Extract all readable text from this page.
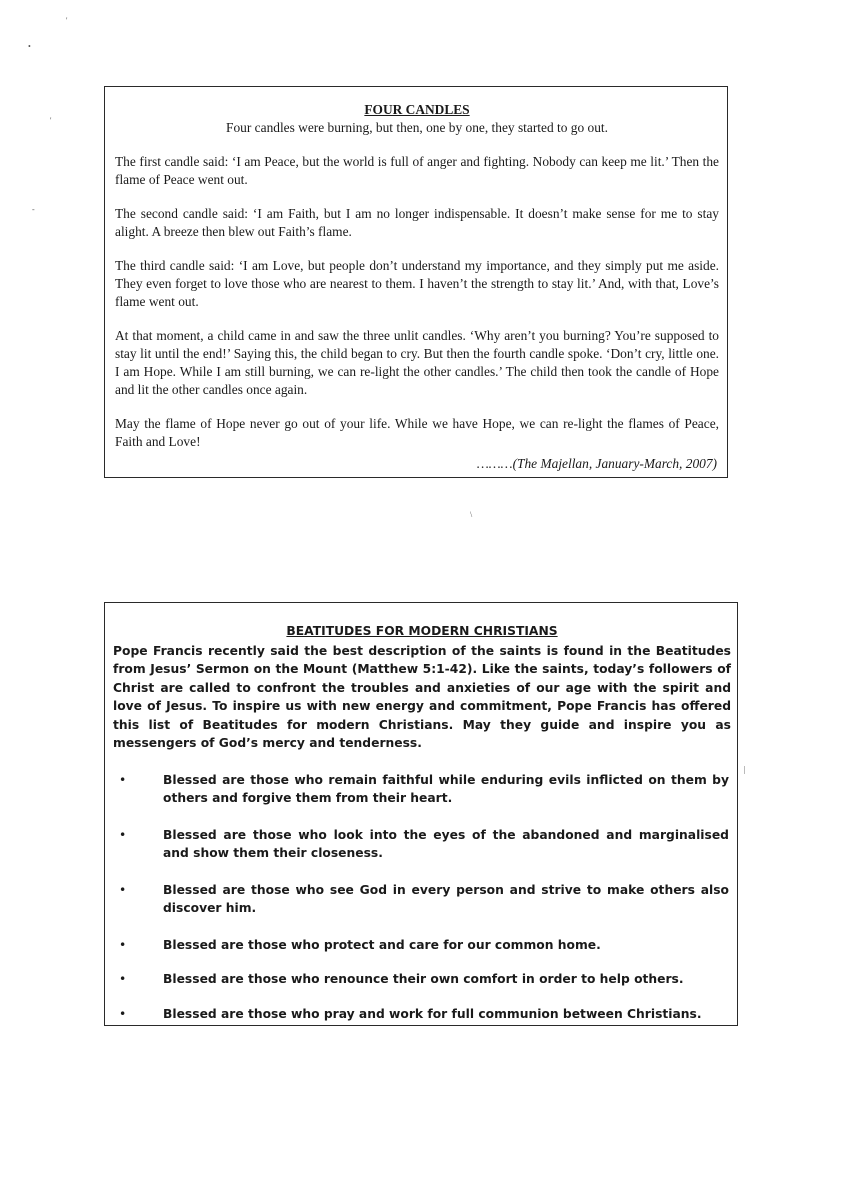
'
•
'
-
\
|
FOUR CANDLES
Four candles were burning, but then, one by one, they started to go out.

The first candle said: ‘I am Peace, but the world is full of anger and fighting. Nobody can keep me lit.’ Then the flame of Peace went out.

The second candle said: ‘I am Faith, but I am no longer indispensable. It doesn’t make sense for me to stay alight. A breeze then blew out Faith’s flame.

The third candle said: ‘I am Love, but people don’t understand my importance, and they simply put me aside. They even forget to love those who are nearest to them. I haven’t the strength to stay lit.’ And, with that, Love’s flame went out.

At that moment, a child came in and saw the three unlit candles. ‘Why aren’t you burning? You’re supposed to stay lit until the end!’ Saying this, the child began to cry. But then the fourth candle spoke. ‘Don’t cry, little one. I am Hope. While I am still burning, we can re-light the other candles.’ The child then took the candle of Hope and lit the other candles once again.

May the flame of Hope never go out of your life. While we have Hope, we can re-light the flames of Peace, Faith and Love!

………(The Majellan, January-March, 2007)
BEATITUDES FOR MODERN CHRISTIANS

Pope Francis recently said the best description of the saints is found in the Beatitudes from Jesus’ Sermon on the Mount (Matthew 5:1-42). Like the saints, today’s followers of Christ are called to confront the troubles and anxieties of our age with the spirit and love of Jesus. To inspire us with new energy and commitment, Pope Francis has offered this list of Beatitudes for modern Christians. May they guide and inspire you as messengers of God’s mercy and tenderness.

•	Blessed are those who remain faithful while enduring evils inflicted on them by others and forgive them from their heart.
•	Blessed are those who look into the eyes of the abandoned and marginalised and show them their closeness.
•	Blessed are those who see God in every person and strive to make others also discover him.
•	Blessed are those who protect and care for our common home.
•	Blessed are those who renounce their own comfort in order to help others.
•	Blessed are those who pray and work for full communion between Christians.
